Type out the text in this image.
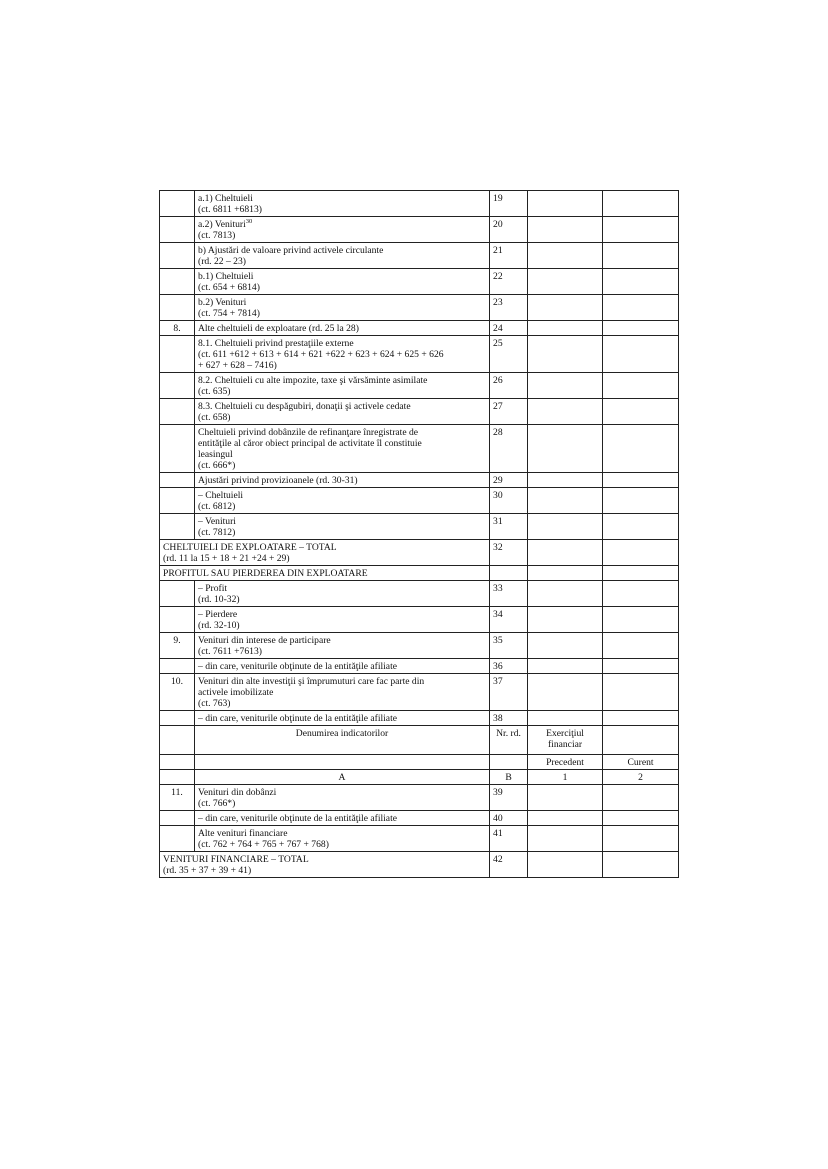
	a.1) Cheltuieli
(ct. 6811 +6813)	19		

	a.2) Venituri$^{30}$
(ct. 7813)	20		

	b) Ajustări de valoare privind activele circulante
(rd. 22 – 23)	21		

	b.1) Cheltuieli
(ct. 654 + 6814)	22		

	b.2) Venituri
(ct. 754 + 7814)	23		
8.	Alte cheltuieli de exploatare (rd. 25 la 28)	24		

	8.1. Cheltuieli privind prestaţiile externe
(ct. 611 +612 + 613 + 614 + 621 +622 + 623 + 624 + 625 + 626
+ 627 + 628 – 7416)	25		

	8.2. Cheltuieli cu alte impozite, taxe şi vărsăminte asimilate
(ct. 635)	26		

	8.3. Cheltuieli cu despăgubiri, donaţii şi activele cedate
(ct. 658)	27		

	Cheltuieli privind dobânzile de refinanţare înregistrate de
entităţile al căror obiect principal de activitate îl constituie
leasingul
(ct. 666*)	28		

	Ajustări privind provizioanele (rd. 30-31)	29		

	– Cheltuieli
(ct. 6812)	30		

	– Venituri
(ct. 7812)	31		

CHELTUIELI DE EXPLOATARE – TOTAL
(rd. 11 la 15 + 18 + 21 +24 + 29)		32		

PROFITUL SAU PIERDEREA DIN EXPLOATARE				

	– Profit
(rd. 10-32)	33		

	– Pierdere
(rd. 32-10)	34		
9.	Venituri din interese de participare
(ct. 7611 +7613)	35		

	– din care, veniturile obţinute de la entităţile afiliate	36		
10.	Venituri din alte investiţii şi împrumuturi care fac parte din
activele imobilizate
(ct. 763)	37		

	– din care, veniturile obţinute de la entităţile afiliate	38		
	Denumirea indicatorilor	Nr. rd.	Exerciţiul
financiar	

			Precedent	Curent
	A	B	1	2
11.	Venituri din dobânzi
(ct. 766*)	39		

	– din care, veniturile obţinute de la entităţile afiliate	40		

	Alte venituri financiare
(ct. 762 + 764 + 765 + 767 + 768)	41		

VENITURI FINANCIARE – TOTAL
(rd. 35 + 37 + 39 + 41)		42		
